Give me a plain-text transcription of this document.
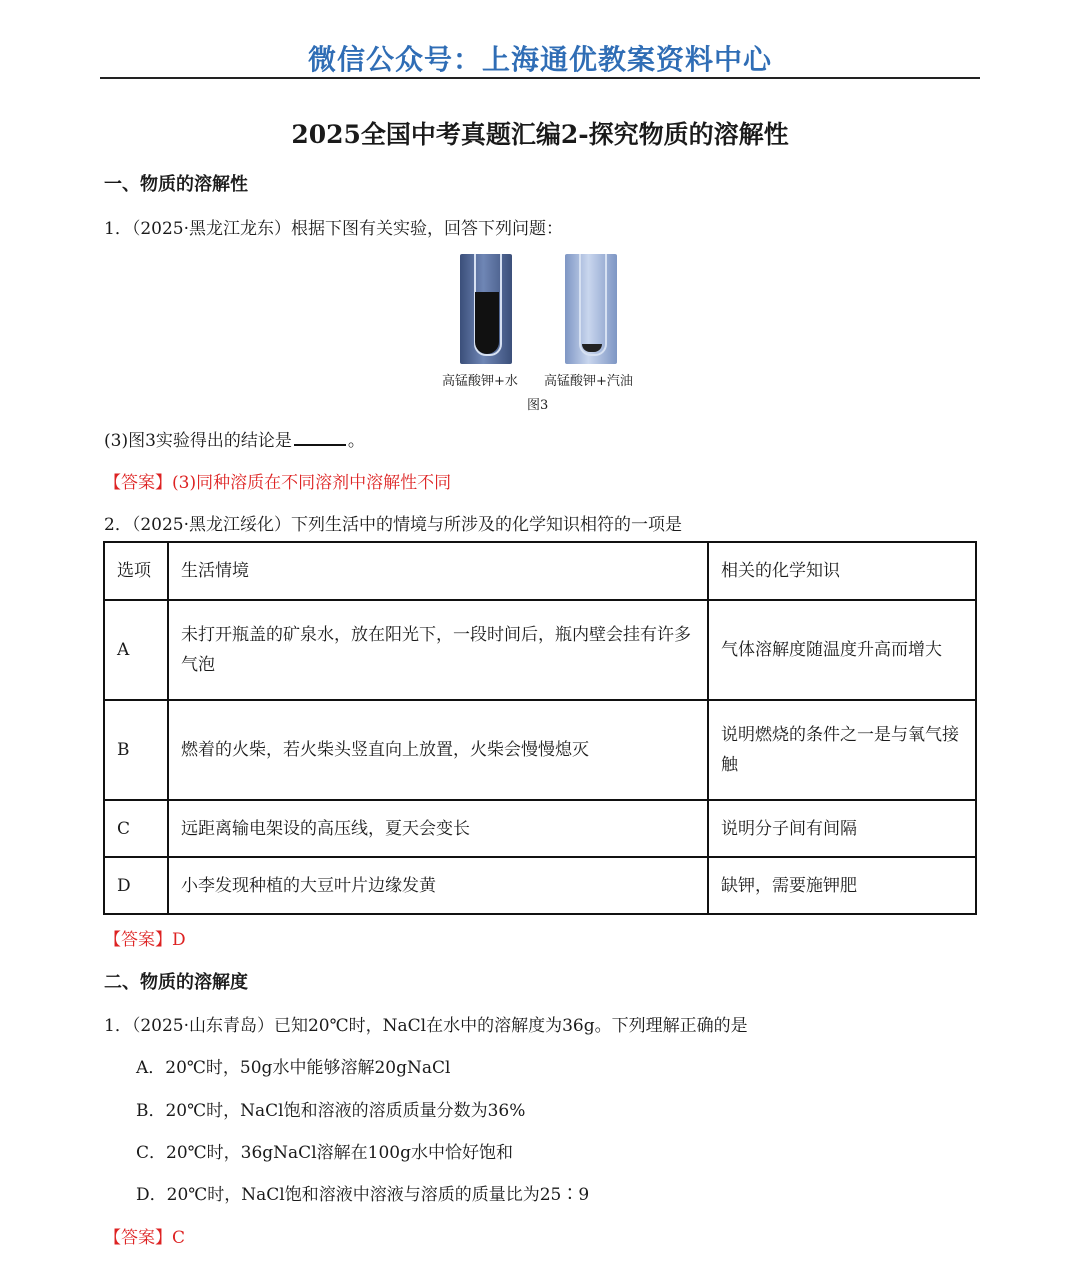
微信公众号：上海通优教案资料中心
2025全国中考真题汇编2-探究物质的溶解性
一、物质的溶解性
1．（2025·黑龙江龙东）根据下图有关实验，回答下列问题：
高锰酸钾+水 高锰酸钾+汽油
图3
(3)图3实验得出的结论是	。
【答案】(3)同种溶质在不同溶剂中溶解性不同
2．（2025·黑龙江绥化）下列生活中的情境与所涉及的化学知识相符的一项是
选项	生活情境	相关的化学知识
A	未打开瓶盖的矿泉水，放在阳光下，一段时间后，瓶内壁会挂有许多气泡	气体溶解度随温度升高而增大
B	燃着的火柴，若火柴头竖直向上放置，火柴会慢慢熄灭	说明燃烧的条件之一是与氧气接触
C	远距离输电架设的高压线，夏天会变长	说明分子间有间隔
D	小李发现种植的大豆叶片边缘发黄	缺钾，需要施钾肥
【答案】D
二、物质的溶解度
1．（2025·山东青岛）已知20℃时，NaCl在水中的溶解度为36g。下列理解正确的是
A．20℃时，50g水中能够溶解20gNaCl
B．20℃时，NaCl饱和溶液的溶质质量分数为36%
C．20℃时，36gNaCl溶解在100g水中恰好饱和
D．20℃时，NaCl饱和溶液中溶液与溶质的质量比为25∶9
【答案】C
